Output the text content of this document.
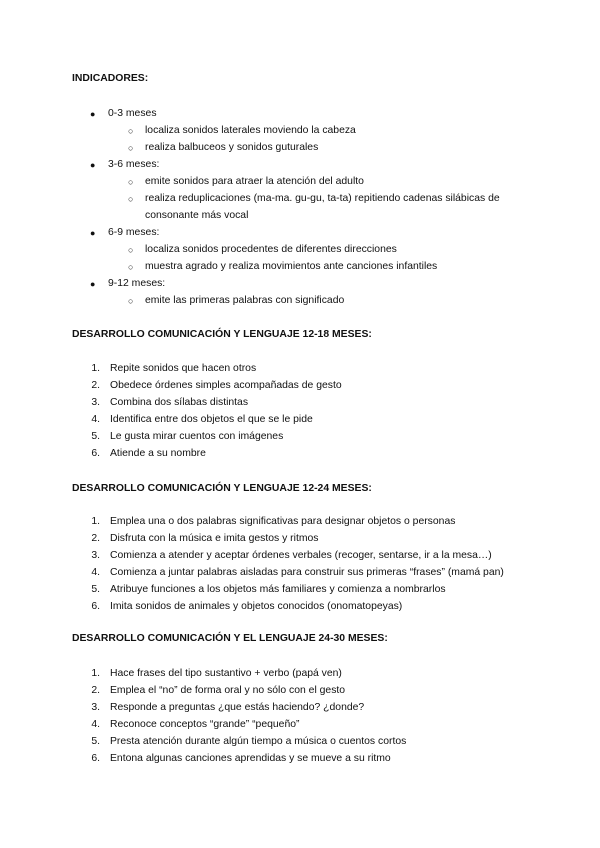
INDICADORES:
● 0-3 meses
○ localiza sonidos laterales moviendo la cabeza
○ realiza balbuceos y sonidos guturales
● 3-6 meses:
○ emite sonidos para atraer la atención del adulto
○ realiza reduplicaciones (ma-ma. gu-gu, ta-ta) repitiendo cadenas silábicas de
consonante más vocal
● 6-9 meses:
○ localiza sonidos procedentes de diferentes direcciones
○ muestra agrado y realiza movimientos ante canciones infantiles
● 9-12 meses:
○ emite las primeras palabras con significado
DESARROLLO COMUNICACIÓN Y LENGUAJE 12-18 MESES:
1. Repite sonidos que hacen otros
2. Obedece órdenes simples acompañadas de gesto
3. Combina dos sílabas distintas
4. Identifica entre dos objetos el que se le pide
5. Le gusta mirar cuentos con imágenes
6. Atiende a su nombre
DESARROLLO COMUNICACIÓN Y LENGUAJE 12-24 MESES:
1. Emplea una o dos palabras significativas para designar objetos o personas
2. Disfruta con la música e imita gestos y ritmos
3. Comienza a atender y aceptar órdenes verbales (recoger, sentarse, ir a la mesa…)
4. Comienza a juntar palabras aisladas para construir sus primeras “frases” (mamá pan)
5. Atribuye funciones a los objetos más familiares y comienza a nombrarlos
6. Imita sonidos de animales y objetos conocidos (onomatopeyas)
DESARROLLO COMUNICACIÓN Y EL LENGUAJE 24-30 MESES:
1. Hace frases del tipo sustantivo + verbo (papá ven)
2. Emplea el “no” de forma oral y no sólo con el gesto
3. Responde a preguntas ¿que estás haciendo? ¿donde?
4. Reconoce conceptos “grande” “pequeño”
5. Presta atención durante algún tiempo a música o cuentos cortos
6. Entona algunas canciones aprendidas y se mueve a su ritmo
